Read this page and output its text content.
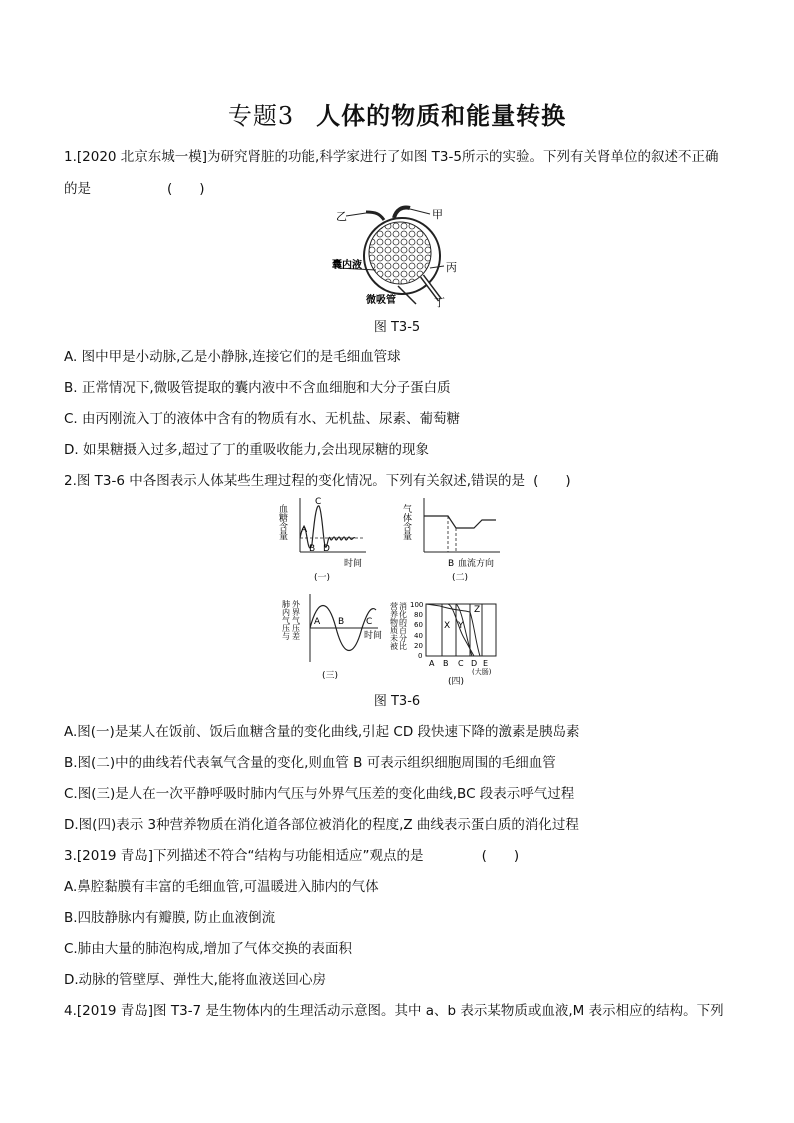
专题3 人体的物质和能量转换
1.[2020 北京东城一模]为研究肾脏的功能,科学家进行了如图 T3-5所示的实验。下列有关肾单位的叙述不正确
的是	(　　)
甲
乙
丙
丁
囊内液
微吸管
图 T3-5
A. 图中甲是小动脉,乙是小静脉,连接它们的是毛细血管球
B. 正常情况下,微吸管提取的囊内液中不含血细胞和大分子蛋白质
C. 由丙刚流入丁的液体中含有的物质有水、无机盐、尿素、葡萄糖
D. 如果糖摄入过多,超过了丁的重吸收能力,会出现尿糖的现象
2.图 T3-6 中各图表示人体某些生理过程的变化情况。下列有关叙述,错误的是 (　　)
血糖含量 A
B
C
D
时间
(一)
气体含量
B 血流方向
(二)
肺内气压与 外界气压差 A B C
时间
(三)
营养物质未被 消化的百分比 100
80
60
40
20
0
X Y
Z
A B C D E
(大肠)
(四)
图 T3-6
A.图(一)是某人在饭前、饭后血糖含量的变化曲线,引起 CD 段快速下降的激素是胰岛素
B.图(二)中的曲线若代表氧气含量的变化,则血管 B 可表示组织细胞周围的毛细血管
C.图(三)是人在一次平静呼吸时肺内气压与外界气压差的变化曲线,BC 段表示呼气过程
D.图(四)表示 3种营养物质在消化道各部位被消化的程度,Z 曲线表示蛋白质的消化过程
3.[2019 青岛]下列描述不符合“结构与功能相适应”观点的是	(　　)
A.鼻腔黏膜有丰富的毛细血管,可温暖进入肺内的气体
B.四肢静脉内有瓣膜, 防止血液倒流
C.肺由大量的肺泡构成,增加了气体交换的表面积
D.动脉的管壁厚、弹性大,能将血液送回心房
4.[2019 青岛]图 T3-7 是生物体内的生理活动示意图。其中 a、b 表示某物质或血液,M 表示相应的结构。下列
